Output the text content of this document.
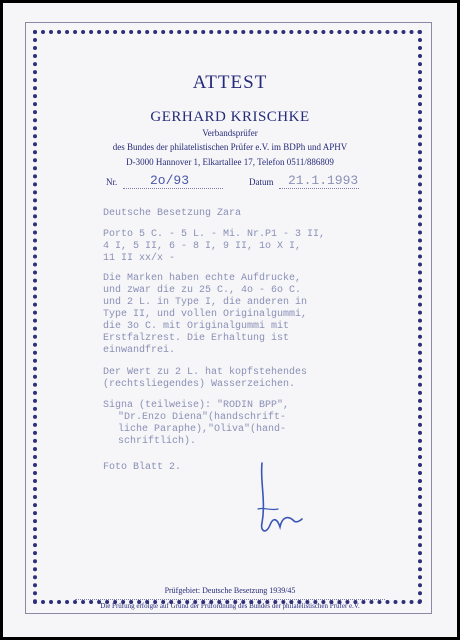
ATTEST
GERHARD KRISCHKE
Verbandsprüfer
des Bundes der philatelistischen Prüfer e.V. im BDPh und APHV
D-3000 Hannover 1, Elkartallee 17, Telefon 0511/886809
Nr.	2o/93	Datum 21.1.1993
Deutsche Besetzung Zara
Porto 5 C. - 5 L. - Mi. Nr.P1 - 3 II,
4 I, 5 II, 6 - 8 I, 9 II, 1o X I,
11 II xx/x -
Die Marken haben echte Aufdrucke,
und zwar die zu 25 C., 4o - 6o C.
und 2 L. in Type I, die anderen in
Type II, und vollen Originalgummi,
die 3o C. mit Originalgummi mit
Erstfalzrest. Die Erhaltung ist
einwandfrei.
Der Wert zu 2 L. hat kopfstehendes
(rechtsliegendes) Wasserzeichen.
Signa (teilweise): "RODIN BPP",
"Dr.Enzo Diena"(handschrift-
liche Paraphe),"Oliva"(hand-
schriftlich).
Foto Blatt 2.
Prüfgebiet: Deutsche Besetzung 1939/45
Die Prüfung erfolgte auf Grund der Prüfordnung des Bundes der philatelistischen Prüfer e.V.
